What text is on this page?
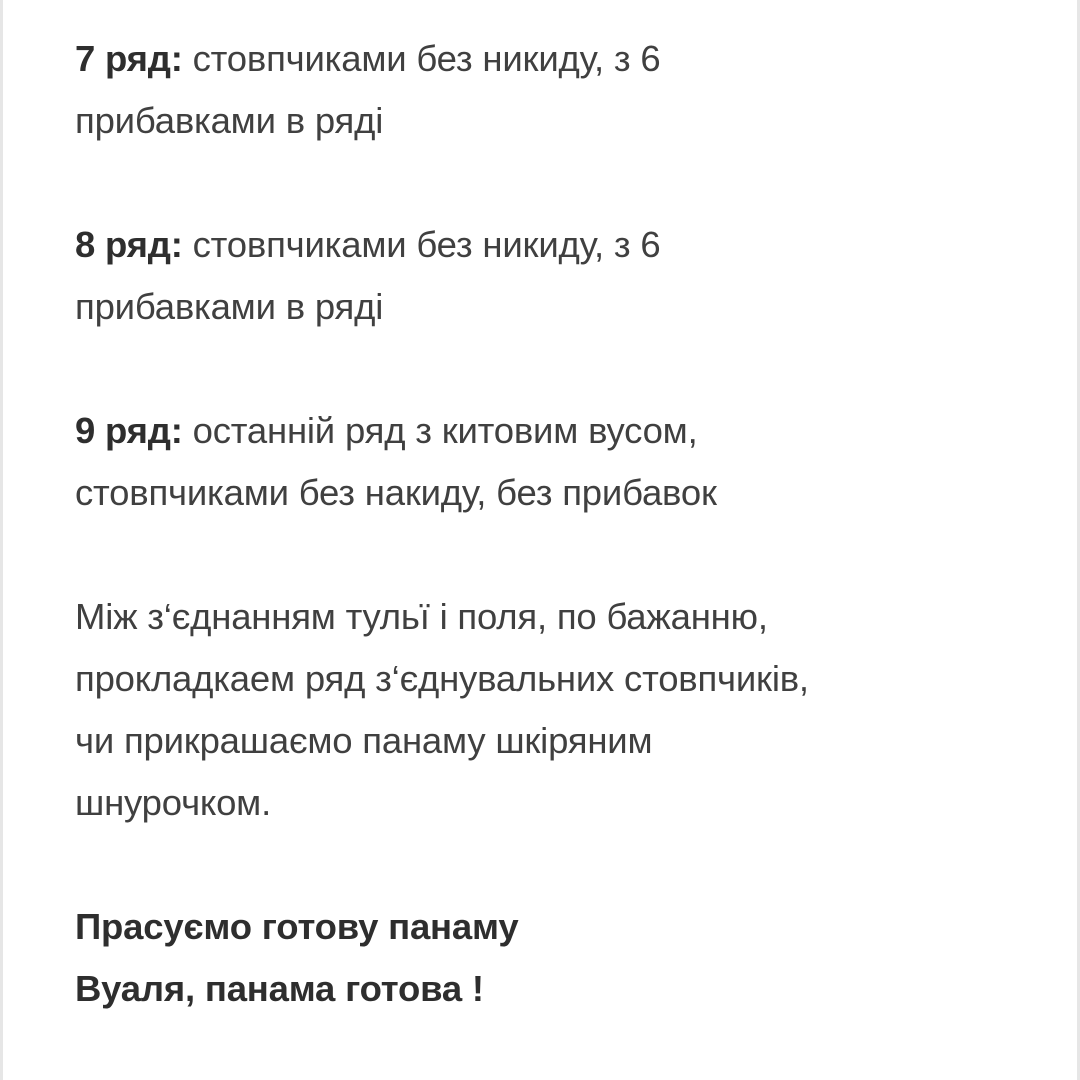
7 ряд: стовпчиками без никиду, з 6
прибавками в ряді

8 ряд: стовпчиками без никиду, з 6
прибавками в ряді

9 ряд: останній ряд з китовим вусом,
стовпчиками без накиду, без прибавок

Між з‘єднанням тульї і поля, по бажанню,
прокладкаем ряд з‘єднувальних стовпчиків,
чи прикрашаємо панаму шкіряним
шнурочком.

Прасуємо готову панаму
Вуаля, панама готова !
